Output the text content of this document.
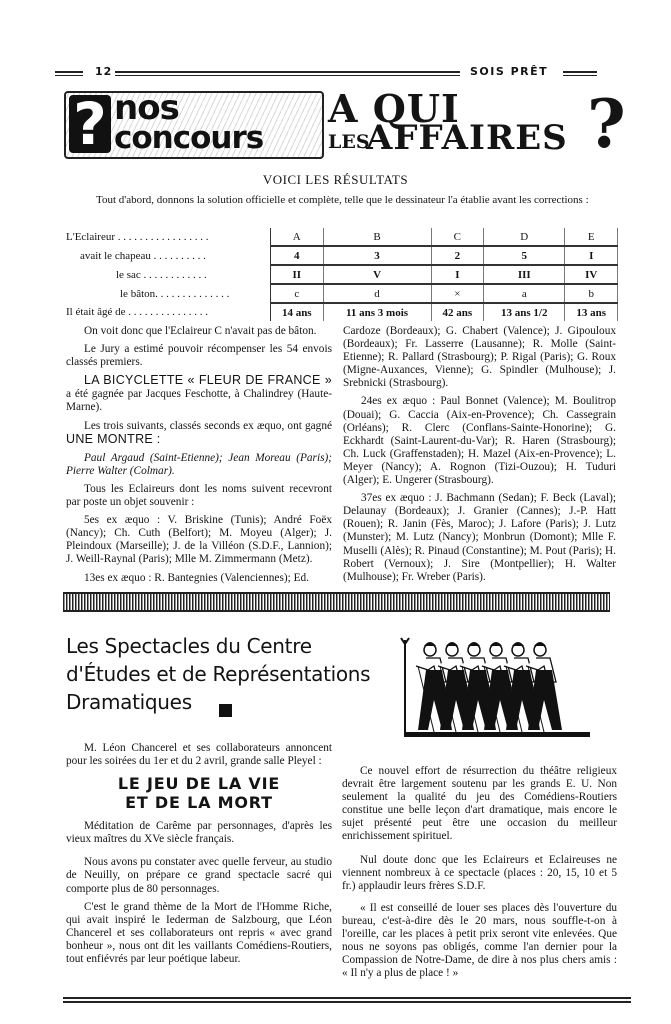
12	SOIS PRÊT
? nos
concours
A QUI
LES
AFFAIRES ?
VOICI LES RÉSULTATS
Tout d'abord, donnons la solution officielle et complète, telle que le dessinateur l'a établie avant les corrections :
L'Eclaireur . . . . . . . . . . . . . . . . .	A	B	C	D	E
avait le chapeau . . . . . . . . . .	4	3	2	5	I
le sac . . . . . . . . . . . .	II	V	I	III	IV
le bâton. . . . . . . . . . . . . .	c	d	×	a	b
Il était âgé de . . . . . . . . . . . . . . .	14 ans	11 ans 3 mois	42 ans	13 ans 1/2	13 ans

On voit donc que l'Eclaireur C n'avait pas de bâton.

Le Jury a estimé pouvoir récompenser les 54 envois classés premiers.

LA BICYCLETTE « FLEUR DE FRANCE » a été gagnée par Jacques Feschotte, à Chalindrey (Haute-Marne).

Les trois suivants, classés seconds ex æquo, ont gagné UNE MONTRE :

Paul Argaud (Saint-Etienne); Jean Moreau (Paris); Pierre Walter (Colmar).

Tous les Eclaireurs dont les noms suivent recevront par poste un objet souvenir :

5es ex æquo : V. Briskine (Tunis); André Foëx (Nancy); Ch. Cuth (Belfort); M. Moyeu (Alger); J. Pleindoux (Marseille); J. de la Villéon (S.D.F., Lannion); J. Weill-Raynal (Paris); Mlle M. Zimmermann (Metz).

13es ex æquo : R. Bantegnies (Valenciennes); Ed.

Cardoze (Bordeaux); G. Chabert (Valence); J. Gipouloux (Bordeaux); Fr. Lasserre (Lausanne); R. Molle (Saint-Etienne); R. Pallard (Strasbourg); P. Rigal (Paris); G. Roux (Migne-Auxances, Vienne); G. Spindler (Mulhouse); J. Srebnicki (Strasbourg).

24es ex æquo : Paul Bonnet (Valence); M. Boulitrop (Douai); G. Caccia (Aix-en-Provence); Ch. Cassegrain (Orléans); R. Clerc (Conflans-Sainte-Honorine); G. Eckhardt (Saint-Laurent-du-Var); R. Haren (Strasbourg); Ch. Luck (Graffenstaden); H. Mazel (Aix-en-Provence); L. Meyer (Nancy); A. Rognon (Tizi-Ouzou); H. Tuduri (Alger); E. Ungerer (Strasbourg).

37es ex æquo : J. Bachmann (Sedan); F. Beck (Laval); Delaunay (Bordeaux); J. Granier (Cannes); J.-P. Hatt (Rouen); R. Janin (Fès, Maroc); J. Lafore (Paris); J. Lutz (Munster); M. Lutz (Nancy); Monbrun (Domont); Mlle F. Muselli (Alès); R. Pinaud (Constantine); M. Pout (Paris); H. Robert (Vernoux); J. Sire (Montpellier); H. Walter (Mulhouse); Fr. Wreber (Paris).

Les Spectacles du Centre d'Études et de Représentations Dramatiques

M. Léon Chancerel et ses collaborateurs annoncent pour les soirées du 1er et du 2 avril, grande salle Pleyel :

LE JEU DE LA VIE
ET DE LA MORT

Méditation de Carême par personnages, d'après les vieux maîtres du XVe siècle français.

Nous avons pu constater avec quelle ferveur, au studio de Neuilly, on prépare ce grand spectacle sacré qui comporte plus de 80 personnages.

C'est le grand thème de la Mort de l'Homme Riche, qui avait inspiré le Iederman de Salzbourg, que Léon Chancerel et ses collaborateurs ont repris « avec grand bonheur », nous ont dit les vaillants Comédiens-Routiers, tout enfiévrés par leur poétique labeur.

Ce nouvel effort de résurrection du théâtre religieux devrait être largement soutenu par les grands E. U. Non seulement la qualité du jeu des Comédiens-Routiers constitue une belle leçon d'art dramatique, mais encore le sujet présenté peut être une occasion du meilleur enrichissement spirituel.

Nul doute donc que les Eclaireurs et Eclaireuses ne viennent nombreux à ce spectacle (places : 20, 15, 10 et 5 fr.) applaudir leurs frères S.D.F.

« Il est conseillé de louer ses places dès l'ouverture du bureau, c'est-à-dire dès le 20 mars, nous souffle-t-on à l'oreille, car les places à petit prix seront vite enlevées. Que nous ne soyons pas obligés, comme l'an dernier pour la Compassion de Notre-Dame, de dire à nos plus chers amis : « Il n'y a plus de place ! »
